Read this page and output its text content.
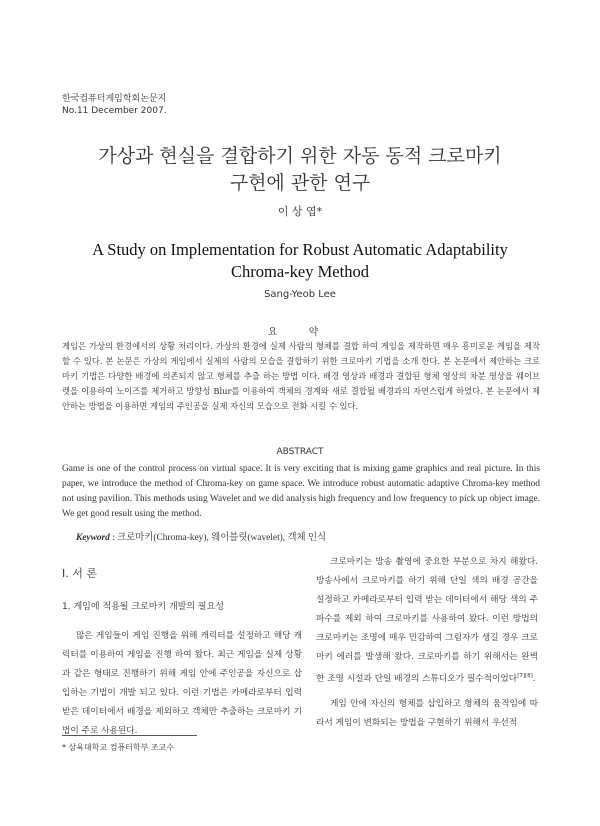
한국컴퓨터게임학회논문지
No.11 December 2007.
가상과 현실을 결합하기 위한 자동 동적 크로마키
구현에 관한 연구
이 상 엽*
A Study on Implementation for Robust Automatic Adaptability
Chroma-key Method
Sang-Yeob Lee
요 약
게임은 가상의 환경에서의 상황 처리이다. 가상의 환경에 실제 사람의 형체를 결합 하여 게임을 제작하면 매우 흥미로운 게임을 제작 할 수 있다. 본 논문은 가상의 게임에서 실제의 사람의 모습을 결합하기 위한 크로마키 기법을 소개 한다. 본 논문에서 제안하는 크로마키 기법은 다양한 배경에 의존되지 않고 형체를 추출 하는 방법 이다. 배경 영상과 배경과 결합된 형체 영상의 차분 영상을 웨이브 렛을 이용하여 노이즈를 제거하고 방향성 Blur를 이용하여 객체의 경계와 새로 결합될 배경과의 자연스럽게 하였다. 본 논문에서 제안하는 방법을 이용하면 게임의 주인공을 실제 자신의 모습으로 전화 시킬 수 있다.
ABSTRACT
Game is one of the control process on virtual space. It is very exciting that is mixing game graphics and real picture. In this paper, we introduce the method of Chroma-key on game space. We introduce robust automatic adaptive Chroma-key method not using pavilion. This methods using Wavelet and we did analysis high frequency and low frequency to pick up object image. We get good result using the method.
Keyword : 크로마키(Chroma-key), 웨이블릿(wavelet), 객체 인식
Ⅰ. 서 론
1. 게임에 적용될 크로마키 개발의 필요성

많은 게임들이 게임 진행을 위해 캐릭터를 설정하고 해당 캐릭터를 이용하여 게임을 진행 하여 왔다. 최근 게임을 실제 상황과 같은 형태로 진행하기 위해 게임 안에 주인공을 자신으로 삽입하는 기법이 개발 되고 있다. 이런 기법은 카메라로부터 입력받은 데이터에서 배경을 제외하고 객체만 추출하는 크로마키 기법이 주로 사용된다.

크로마키는 방송 촬영에 중요한 부분으로 차지 해왔다. 방송사에서 크로마키를 하기 위해 단일 색의 배경 공간을 설정하고 카메라로부터 입력 받는 데이터에서 해당 색의 주파수를 제외 하여 크로마키를 사용하여 왔다. 이런 방법의 크로마키는 조명에 매우 민감하여 그림자가 생길 경우 크로마키 에러를 발생해 왔다. 크로마키를 하기 위해서는 완벽한 조명 시설과 단일 배경의 스튜디오가 필수적이었다[7][8].

게임 안에 자신의 형체를 삽입하고 형체의 움직임에 따라서 게임이 변화되는 방법을 구현하기 위해서 우선적

* 삼육대학교 컴퓨터학부 조교수
